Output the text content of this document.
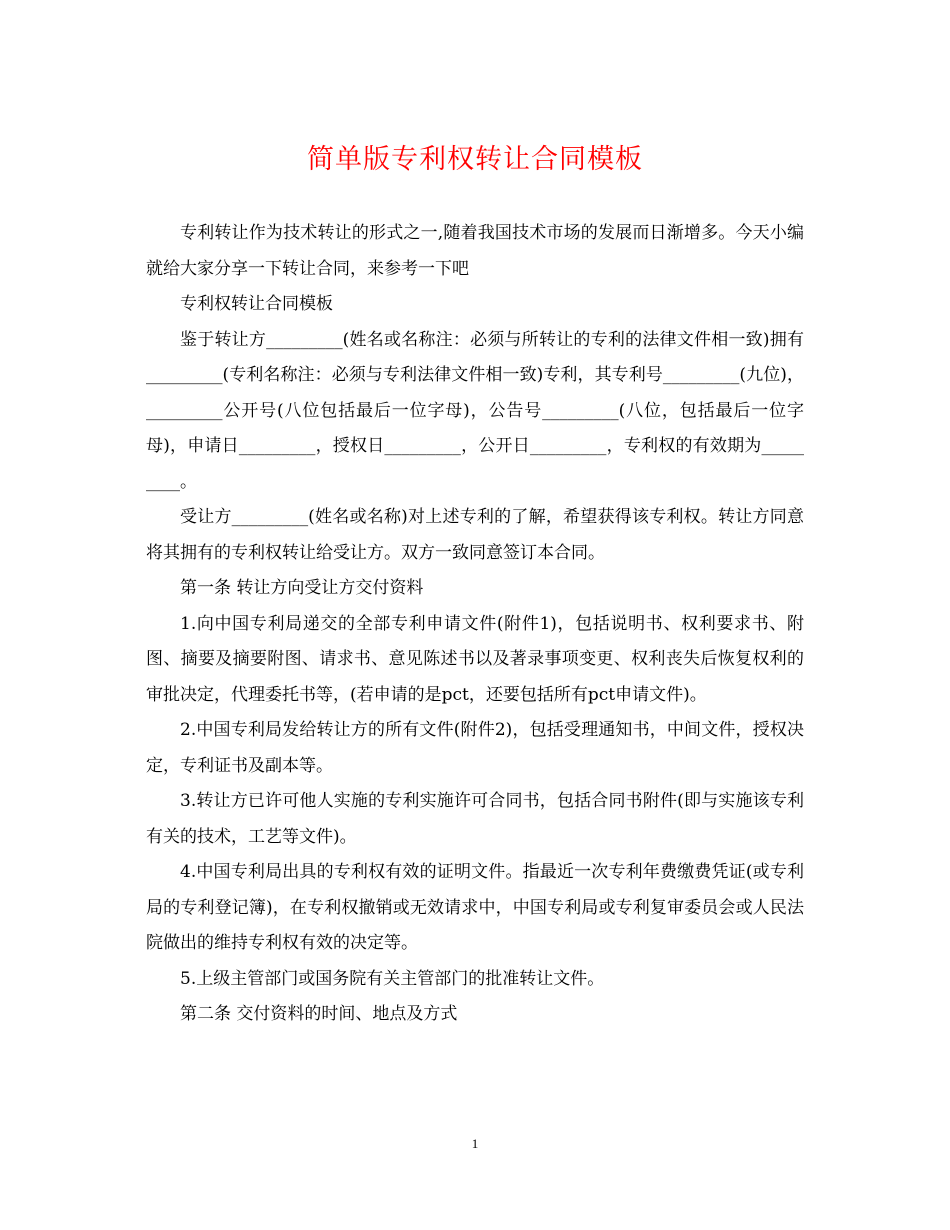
简单版专利权转让合同模板

专利转让作为技术转让的形式之一,随着我国技术市场的发展而日渐增多。今天小编就给大家分享一下转让合同，来参考一下吧

专利权转让合同模板

鉴于转让方_________(姓名或名称注：必须与所转让的专利的法律文件相一致)拥有_________(专利名称注：必须与专利法律文件相一致)专利，其专利号_________(九位)，_________公开号(八位包括最后一位字母)，公告号_________(八位，包括最后一位字母)，申请日_________，授权日_________，公开日_________，专利权的有效期为_________。

受让方_________(姓名或名称)对上述专利的了解，希望获得该专利权。转让方同意将其拥有的专利权转让给受让方。双方一致同意签订本合同。

第一条 转让方向受让方交付资料

1.向中国专利局递交的全部专利申请文件(附件1)，包括说明书、权利要求书、附图、摘要及摘要附图、请求书、意见陈述书以及著录事项变更、权利丧失后恢复权利的审批决定，代理委托书等，(若申请的是pct，还要包括所有pct申请文件)。

2.中国专利局发给转让方的所有文件(附件2)，包括受理通知书，中间文件，授权决定，专利证书及副本等。

3.转让方已许可他人实施的专利实施许可合同书，包括合同书附件(即与实施该专利有关的技术，工艺等文件)。

4.中国专利局出具的专利权有效的证明文件。指最近一次专利年费缴费凭证(或专利局的专利登记簿)，在专利权撤销或无效请求中，中国专利局或专利复审委员会或人民法院做出的维持专利权有效的决定等。

5.上级主管部门或国务院有关主管部门的批准转让文件。

第二条 交付资料的时间、地点及方式

1
